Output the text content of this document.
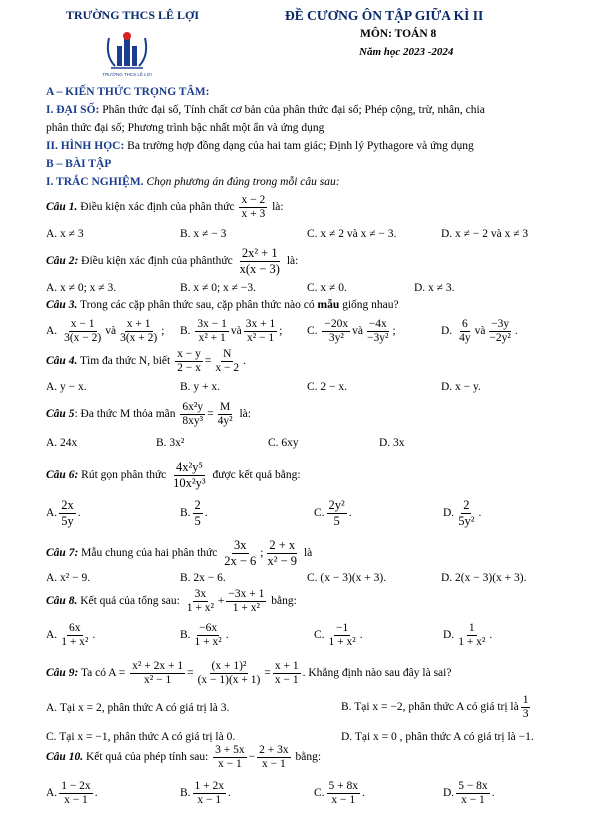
TRƯỜNG THCS LÊ LỢI
TRƯỜNG THCS LÊ LỢI
ĐỀ CƯƠNG ÔN TẬP GIỮA KÌ II
MÔN: TOÁN 8
Năm học 2023 -2024
A – KIẾN THỨC TRỌNG TÂM:
I. ĐẠI SỐ: Phân thức đại số, Tính chất cơ bản của phân thức đại số; Phép cộng, trừ, nhân, chia
phân thức đại số; Phương trình bậc nhất một ẩn và ứng dụng
II. HÌNH HỌC: Ba trường hợp đồng dạng của hai tam giác; Định lý Pythagore và ứng dụng
B – BÀI TẬP
I. TRẮC NGHIỆM. Chọn phương án đúng trong mỗi câu sau:
Câu 1. Điều kiện xác định của phân thức $\frac{x - 2}{x + 3}$ là:
A. x ≠ 3	B. x ≠ − 3	C. x ≠ 2 và x ≠ − 3.	D. x ≠ − 2 và x ≠ 3
Câu 2: Điều kiện xác định của phânthức $\frac{\text{2x² + 1}}{x(x - 3)}$ là:
A. x ≠ 0; x ≠ 3.	B. x ≠ 0; x ≠ −3.	C. x ≠ 0.	D. x ≠ 3.
Câu 3. Trong các cặp phân thức sau, cặp phân thức nào có mẫu giống nhau?
A. $\frac{x - 1}{3(x - 2)}$ và $\frac{x + 1}{3(x + 2)}$ ; B. $\frac{3x - 1}{\text{x² + 1}}$ và $\frac{3x + 1}{\text{x² − 1}}$ ; C. $\frac{-20x}{\text{3y²}}$ và $\frac{-4x}{\text{−3y²}}$ ;	D. $\frac{6}{4y}$ và $\frac{-3y}{\text{−2y²}}$ .
Câu 4. Tìm đa thức N, biết $\frac{x - y}{2 - x} = \frac{N}{x - 2}$ .
A. y − x.	B. y + x.	C. 2 − x.	D. x − y.
Câu 5: Đa thức M thỏa mãn $\frac{\text{6x²y}}{\text{8xy³}} = \frac{M}{\text{4y²}}$ là:
A. 24x	B. 3x²	C. 6xy	D. 3x
Câu 6: Rút gọn phân thức $\frac{\text{4x²y⁵}}{\text{10x²y³}}$ được kết quả bằng:
A. $\frac{2x}{5y}$ .	B. $\frac{2}{5}$ .	C. $\frac{\text{2y²}}{5}$ .	D. $\frac{2}{\text{5y²}}$ .
Câu 7: Mẫu chung của hai phân thức $\frac{3x}{2x - 6}$ ; $\frac{2 + x}{\text{x² − 9}}$ là
A. x² − 9.	B. 2x − 6.	C. (x − 3)(x + 3).	D. 2(x − 3)(x + 3).
Câu 8. Kết quả của tổng sau: $\frac{3x}{\text{1 + x²}} + \frac{-3x + 1}{\text{1 + x²}}$ bằng:
A. $\frac{6x}{\text{1 + x²}}$ .	B. $\frac{-6x}{\text{1 + x²}}$ .	C. $\frac{-1}{\text{1 + x²}}$ .	D. $\frac{1}{\text{1 + x²}}$ .
Câu 9: Ta có $A = \frac{\text{x² + 2x + 1}}{\text{x² − 1}} = \frac{\text{(x + 1)²}}{(x - 1)(x + 1)} = \frac{x + 1}{x - 1}$ . Khẳng định nào sau đây là sai?
A. Tại x = 2, phân thức A có giá trị là 3.	B. Tại x = −2, phân thức A có giá trị là $\frac{1}{3}$
C. Tại x = −1, phân thức A có giá trị là 0.	D. Tại x = 0 , phân thức A có giá trị là −1.
Câu 10. Kết quả của phép tính sau: $\frac{3 + 5x}{x - 1} - \frac{2 + 3x}{x - 1}$ bằng:
A. $\frac{1 - 2x}{x - 1}$ .	B. $\frac{1 + 2x}{x - 1}$ .	C. $\frac{5 + 8x}{x - 1}$ .	D. $\frac{5 - 8x}{x - 1}$ .
